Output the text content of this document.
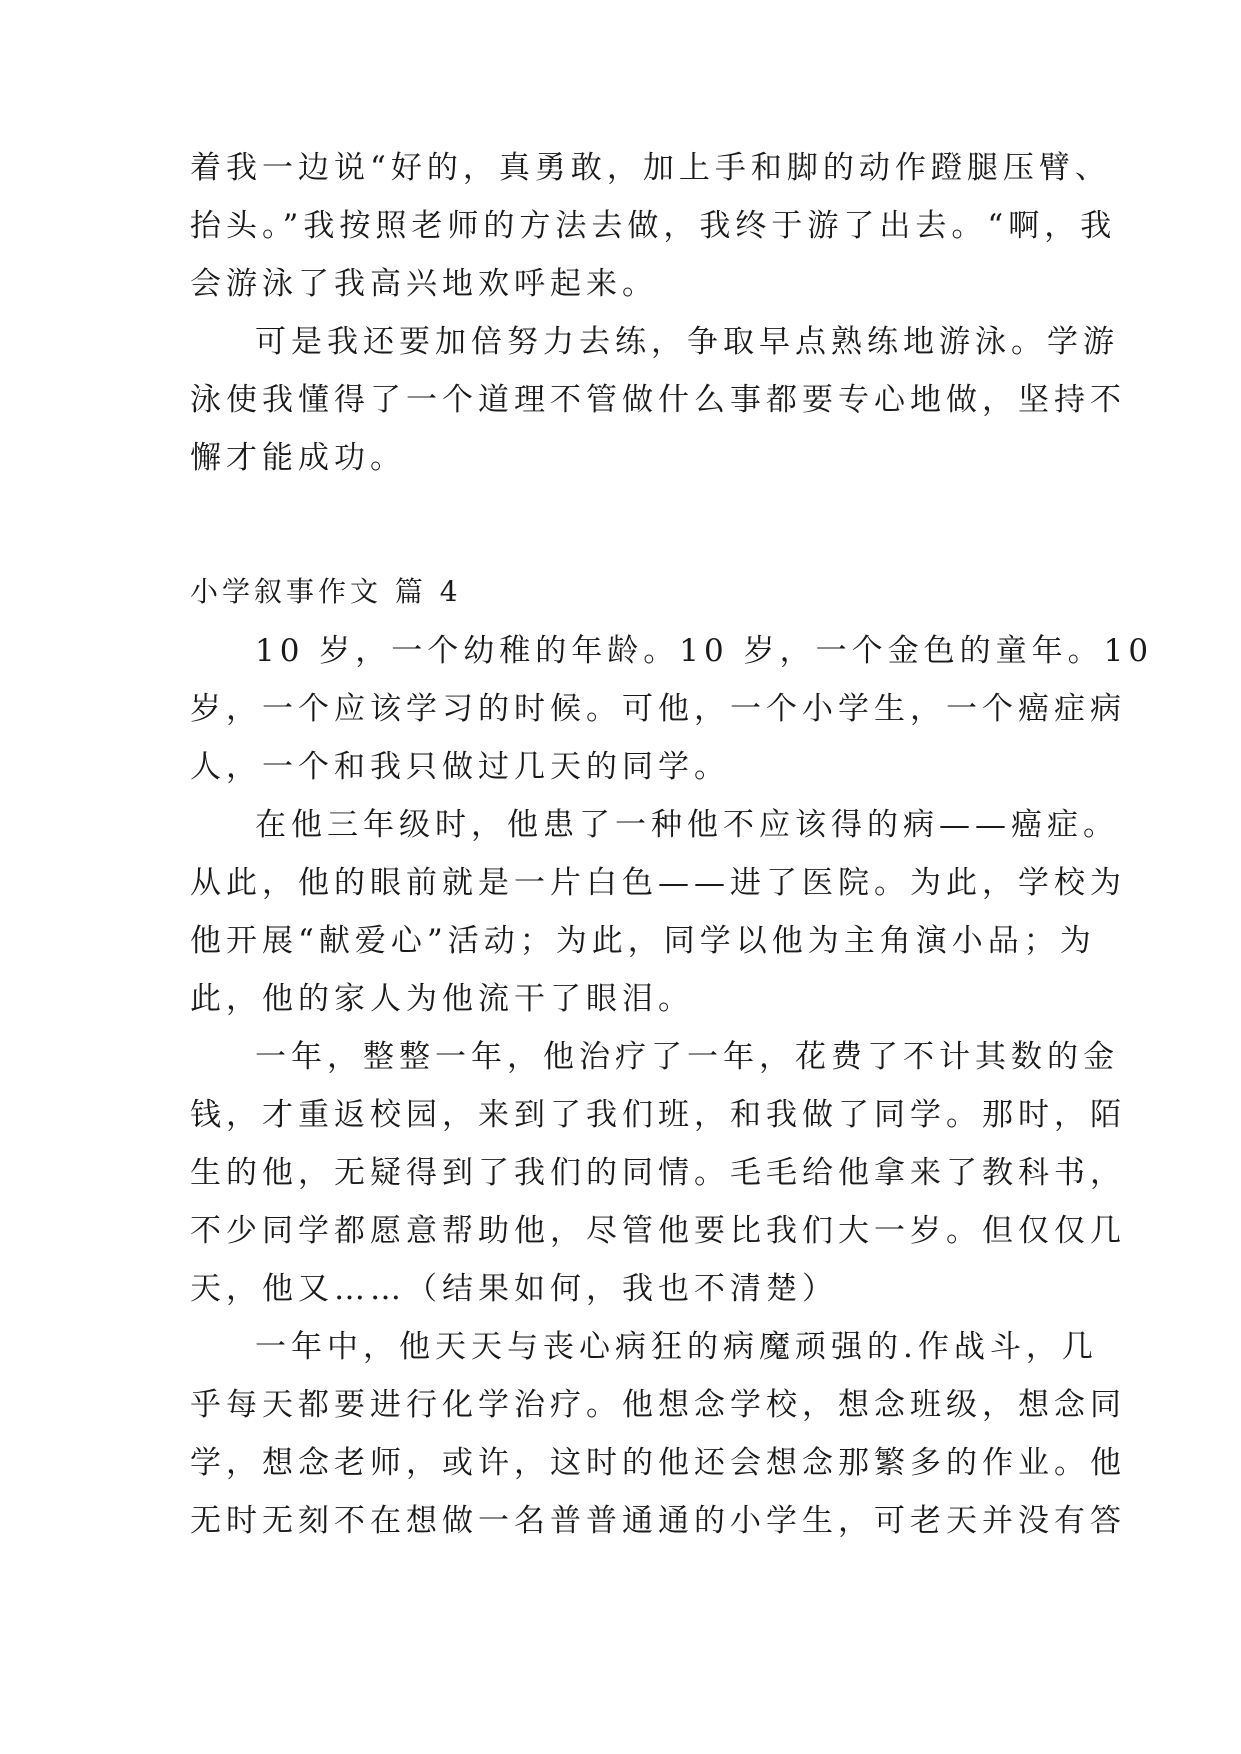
着我一边说“好的，真勇敢，加上手和脚的动作蹬腿压臂、
抬头。”我按照老师的方法去做，我终于游了出去。“啊，我
会游泳了我高兴地欢呼起来。
可是我还要加倍努力去练，争取早点熟练地游泳。学游
泳使我懂得了一个道理不管做什么事都要专心地做，坚持不
懈才能成功。
小学叙事作文 篇 4
10 岁，一个幼稚的年龄。10 岁，一个金色的童年。10
岁，一个应该学习的时候。可他，一个小学生，一个癌症病
人，一个和我只做过几天的同学。
在他三年级时，他患了一种他不应该得的病——癌症。
从此，他的眼前就是一片白色——进了医院。为此，学校为
他开展“献爱心”活动；为此，同学以他为主角演小品；为
此，他的家人为他流干了眼泪。
一年，整整一年，他治疗了一年，花费了不计其数的金
钱，才重返校园，来到了我们班，和我做了同学。那时，陌
生的他，无疑得到了我们的同情。毛毛给他拿来了教科书，
不少同学都愿意帮助他，尽管他要比我们大一岁。但仅仅几
天，他又……（结果如何，我也不清楚）
一年中，他天天与丧心病狂的病魔顽强的.作战斗，几
乎每天都要进行化学治疗。他想念学校，想念班级，想念同
学，想念老师，或许，这时的他还会想念那繁多的作业。他
无时无刻不在想做一名普普通通的小学生，可老天并没有答
